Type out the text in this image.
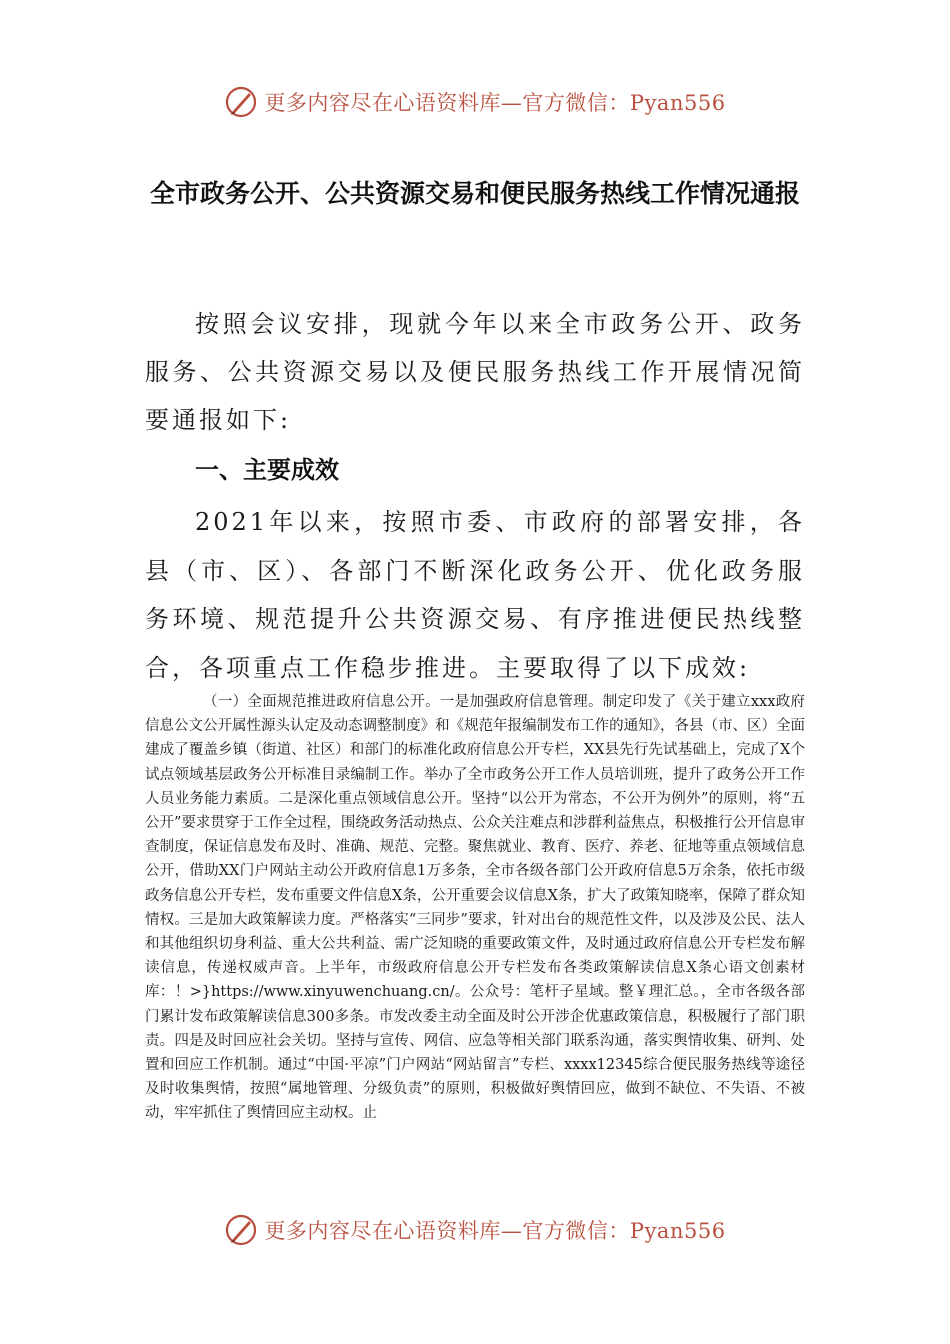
更多内容尽在心语资料库—官方微信：Pyan556
全市政务公开、公共资源交易和便民服务热线工作情况通报

按照会议安排，现就今年以来全市政务公开、政务服务、公共资源交易以及便民服务热线工作开展情况简要通报如下:

一、主要成效

2021年以来，按照市委、市政府的部署安排，各县（市、区）、各部门不断深化政务公开、优化政务服务环境、规范提升公共资源交易、有序推进便民热线整合，各项重点工作稳步推进。主要取得了以下成效:

（一）全面规范推进政府信息公开。一是加强政府信息管理。制定印发了《关于建立xxx政府信息公文公开属性源头认定及动态调整制度》和《规范年报编制发布工作的通知》，各县（市、区）全面建成了覆盖乡镇（街道、社区）和部门的标准化政府信息公开专栏，XX县先行先试基础上，完成了X个试点领域基层政务公开标准目录编制工作。举办了全市政务公开工作人员培训班，提升了政务公开工作人员业务能力素质。二是深化重点领域信息公开。坚持“以公开为常态，不公开为例外”的原则，将“五公开”要求贯穿于工作全过程，围绕政务活动热点、公众关注难点和涉群利益焦点，积极推行公开信息审查制度，保证信息发布及时、准确、规范、完整。聚焦就业、教育、医疗、养老、征地等重点领域信息公开，借助XX门户网站主动公开政府信息1万多条，全市各级各部门公开政府信息5万余条，依托市级政务信息公开专栏，发布重要文件信息X条，公开重要会议信息X条，扩大了政策知晓率，保障了群众知情权。三是加大政策解读力度。严格落实“三同步”要求，针对出台的规范性文件，以及涉及公民、法人和其他组织切身利益、重大公共利益、需广泛知晓的重要政策文件，及时通过政府信息公开专栏发布解读信息，传递权威声音。上半年，市级政府信息公开专栏发布各类政策解读信息X条心语文创素材库：！>}https://www.xinyuwenchuang.cn/。公众号：笔杆子星域。整￥理汇总。，全市各级各部门累计发布政策解读信息300多条。市发改委主动全面及时公开涉企优惠政策信息，积极履行了部门职责。四是及时回应社会关切。坚持与宣传、网信、应急等相关部门联系沟通，落实舆情收集、研判、处置和回应工作机制。通过“中国·平凉”门户网站“网站留言”专栏、xxxx12345综合便民服务热线等途径及时收集舆情，按照“属地管理、分级负责”的原则，积极做好舆情回应，做到不缺位、不失语、不被动，牢牢抓住了舆情回应主动权。止

更多内容尽在心语资料库—官方微信：Pyan556
